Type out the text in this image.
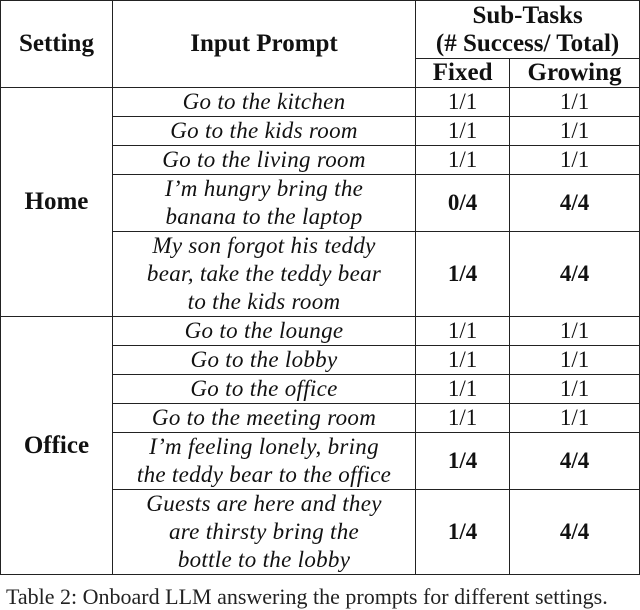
Setting	Input Prompt	Sub-Tasks
(# Success/ Total)	
		Fixed	Growing
Home	Go to the kitchen	1/1	1/1
	Go to the kids room	1/1	1/1
	Go to the living room	1/1	1/1
	I’m hungry bring the
banana to the laptop	0/4	4/4
	My son forgot his teddy
bear, take the teddy bear
to the kids room	1/4	4/4
Office	Go to the lounge	1/1	1/1
	Go to the lobby	1/1	1/1
	Go to the office	1/1	1/1
	Go to the meeting room	1/1	1/1
	I’m feeling lonely, bring
the teddy bear to the office	1/4	4/4
	Guests are here and they
are thirsty bring the
bottle to the lobby	1/4	4/4
Table 2: Onboard LLM answering the prompts for different settings.
